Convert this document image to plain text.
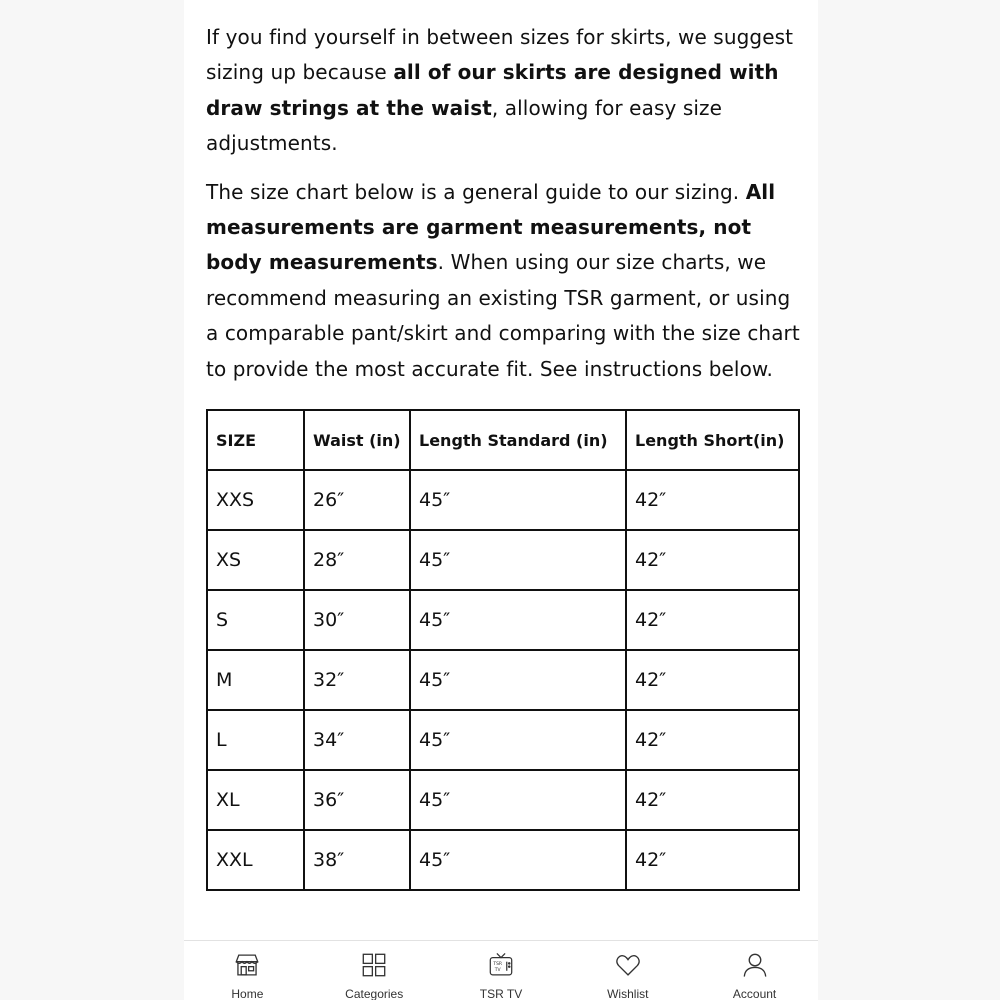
If you find yourself in between sizes for skirts, we suggest sizing up because all of our skirts are designed with draw strings at the waist, allowing for easy size adjustments.

The size chart below is a general guide to our sizing. All measurements are garment measurements, not body measurements. When using our size charts, we recommend measuring an existing TSR garment, or using a comparable pant/skirt and comparing with the size chart to provide the most accurate fit. See instructions below.

SIZE	Waist (in)	Length Standard (in)	Length Short(in)
XXS	26″	45″	42″
XS	28″	45″	42″
S	30″	45″	42″
M	32″	45″	42″
L	34″	45″	42″
XL	36″	45″	42″
XXL	38″	45″	42″
Home	Categories
TSR
TV
TSR TV	Wishlist	Account
